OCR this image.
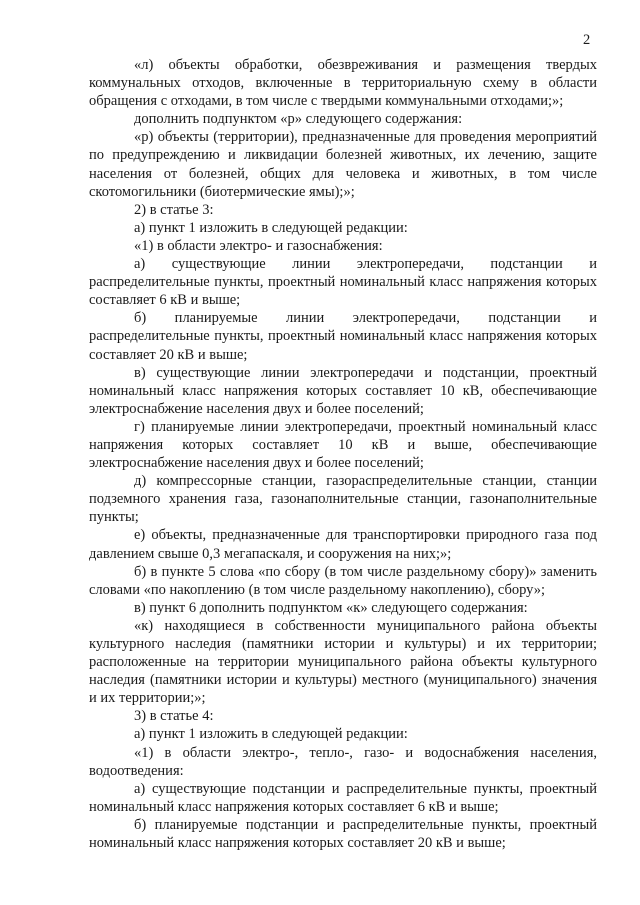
2

«л) объекты обработки, обезвреживания и размещения твердых коммунальных отходов, включенные в территориальную схему в области обращения с отходами, в том числе с твердыми коммунальными отходами;»;

дополнить подпунктом «р» следующего содержания:

«р) объекты (территории), предназначенные для проведения мероприятий по предупреждению и ликвидации болезней животных, их лечению, защите населения от болезней, общих для человека и животных, в том числе скотомогильники (биотермические ямы);»;

2) в статье 3:

а) пункт 1 изложить в следующей редакции:

«1) в области электро- и газоснабжения:

а) существующие линии электропередачи, подстанции и распределительные пункты, проектный номинальный класс напряжения которых составляет 6 кВ и выше;

б) планируемые линии электропередачи, подстанции и распределительные пункты, проектный номинальный класс напряжения которых составляет 20 кВ и выше;

в) существующие линии электропередачи и подстанции, проектный номинальный класс напряжения которых составляет 10 кВ, обеспечивающие электроснабжение населения двух и более поселений;

г) планируемые линии электропередачи, проектный номинальный класс напряжения которых составляет 10 кВ и выше, обеспечивающие электроснабжение населения двух и более поселений;

д) компрессорные станции, газораспределительные станции, станции подземного хранения газа, газонаполнительные станции, газонаполнительные пункты;

е) объекты, предназначенные для транспортировки природного газа под давлением свыше 0,3 мегапаскаля, и сооружения на них;»;

б) в пункте 5 слова «по сбору (в том числе раздельному сбору)» заменить словами «по накоплению (в том числе раздельному накоплению), сбору»;

в) пункт 6 дополнить подпунктом «к» следующего содержания:

«к) находящиеся в собственности муниципального района объекты культурного наследия (памятники истории и культуры) и их территории; расположенные на территории муниципального района объекты культурного наследия (памятники истории и культуры) местного (муниципального) значения и их территории;»;

3) в статье 4:

а) пункт 1 изложить в следующей редакции:

«1) в области электро-, тепло-, газо- и водоснабжения населения, водоотведения:

а) существующие подстанции и распределительные пункты, проектный номинальный класс напряжения которых составляет 6 кВ и выше;

б) планируемые подстанции и распределительные пункты, проектный номинальный класс напряжения которых составляет 20 кВ и выше;
